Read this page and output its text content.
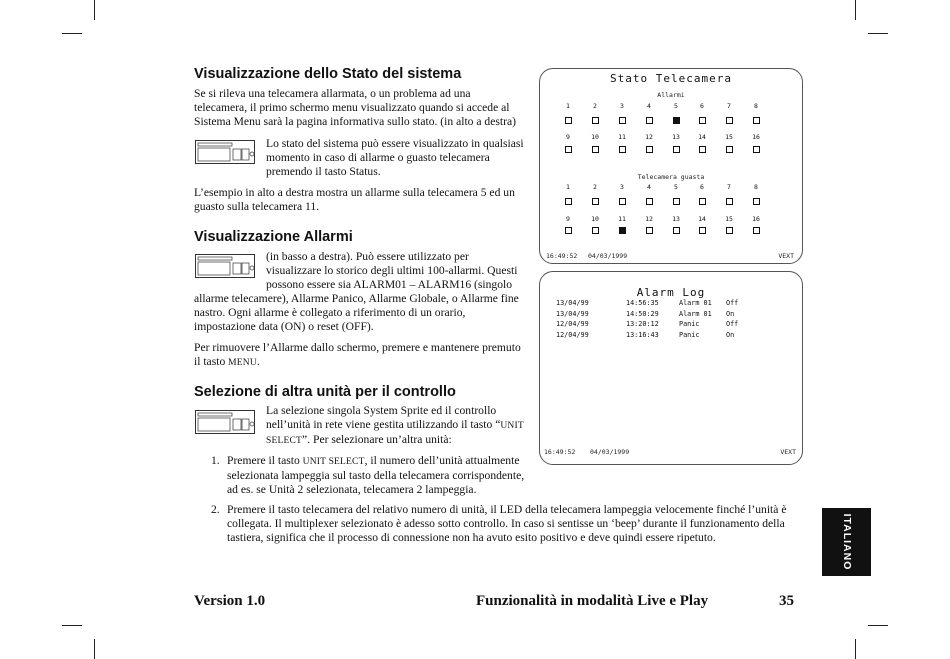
Visualizzazione dello Stato del sistema
Se si rileva una telecamera allarmata, o un problema ad una
telecamera, il primo schermo menu visualizzato quando si accede al
Sistema Menu sarà la pagina informativa sullo stato. (in alto a destra)
Lo stato del sistema può essere visualizzato in qualsiasi
momento in caso di allarme o guasto telecamera
premendo il tasto Status.
L’esempio in alto a destra mostra un allarme sulla telecamera 5 ed un
guasto sulla telecamera 11.
Visualizzazione Allarmi
(in basso a destra). Può essere utilizzato per
visualizzare lo storico degli ultimi 100-allarmi. Questi
possono essere sia ALARM01 – ALARM16 (singolo
allarme telecamere), Allarme Panico, Allarme Globale, o Allarme fine
nastro. Ogni allarme è collegato a riferimento di un orario,
impostazione data (ON) o reset (OFF).
Per rimuovere l’Allarme dallo schermo, premere e mantenere premuto
il tasto MENU.
Selezione di altra unità per il controllo
La selezione singola System Sprite ed il controllo
nell’unità in rete viene gestita utilizzando il tasto “UNIT
SELECT”. Per selezionare un’altra unità:
1. Premere il tasto UNIT SELECT, il numero dell’unità attualmente
selezionata lampeggia sul tasto della telecamera corrispondente,
ad es. se Unità 2 selezionata, telecamera 2 lampeggia.
2. Premere il tasto telecamera del relativo numero di unità, il LED della telecamera lampeggia velocemente finché l’unità è
collegata. Il multiplexer selezionato è adesso sotto controllo. In caso si sentisse un ‘beep’ durante il funzionamento della
tastiera, significa che il processo di connessione non ha avuto esito positivo e deve quindi essere ripetuto.
Stato Telecamera
Allarmi
Telecamera guasta
1	2	3	4	5	6	7	8
9	10	11	12	13	14	15	16
1	2	3	4	5	6	7	8
9	10	11	12	13	14	15	16
16:49:52 04/03/1999	VEXT
Alarm Log
13/04/99	14:56:35	Alarm 01 Off
13/04/99	14:50:29	Alarm 01 On
12/04/99	13:20:12	Panic	Off
12/04/99	13:16:43	Panic	On
16:49:52 04/03/1999	VEXT
ITALIANO
Version 1.0	Funzionalità in modalità Live e Play	35
